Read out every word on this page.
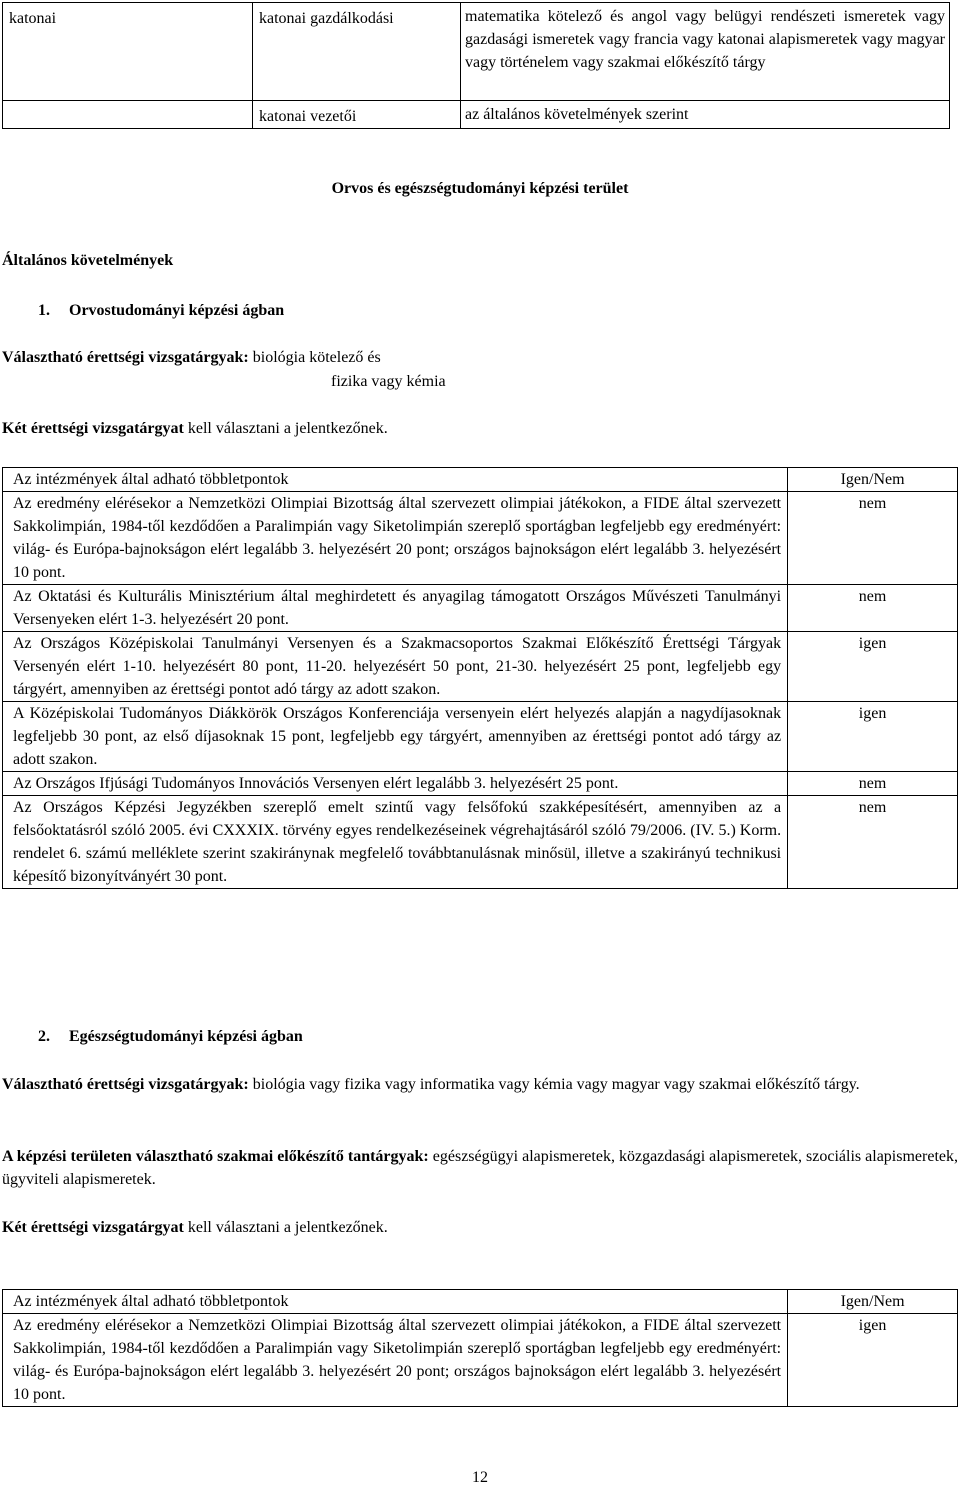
katonai	katonai gazdálkodási	matematika kötelező és angol vagy belügyi rendészeti ismeretek vagy gazdasági ismeretek vagy francia vagy katonai alapismeretek vagy magyar vagy történelem vagy szakmai előkészítő tárgy
	katonai vezetői	az általános követelmények szerint
Orvos és egészségtudományi képzési terület
Általános követelmények
1. Orvostudományi képzési ágban
Választható érettségi vizsgatárgyak: biológia kötelező és
fizika vagy kémia
Két érettségi vizsgatárgyat kell választani a jelentkezőnek.
Az intézmények által adható többletpontok	Igen/Nem
Az eredmény elérésekor a Nemzetközi Olimpiai Bizottság által szervezett olimpiai játékokon, a FIDE által szervezett Sakkolimpián, 1984-től kezdődően a Paralimpián vagy Siketolimpián szereplő sportágban legfeljebb egy eredményért: világ- és Európa-bajnokságon elért legalább 3. helyezésért 20 pont; országos bajnokságon elért legalább 3. helyezésért 10 pont.	nem
Az Oktatási és Kulturális Minisztérium által meghirdetett és anyagilag támogatott Országos Művészeti Tanulmányi Versenyeken elért 1-3. helyezésért 20 pont.	nem
Az Országos Középiskolai Tanulmányi Versenyen és a Szakmacsoportos Szakmai Előkészítő Érettségi Tárgyak Versenyén elért 1-10. helyezésért 80 pont, 11-20. helyezésért 50 pont, 21-30. helyezésért 25 pont, legfeljebb egy tárgyért, amennyiben az érettségi pontot adó tárgy az adott szakon.	igen
A Középiskolai Tudományos Diákkörök Országos Konferenciája versenyein elért helyezés alapján a nagydíjasoknak legfeljebb 30 pont, az első díjasoknak 15 pont, legfeljebb egy tárgyért, amennyiben az érettségi pontot adó tárgy az adott szakon.	igen
Az Országos Ifjúsági Tudományos Innovációs Versenyen elért legalább 3. helyezésért 25 pont.	nem
Az Országos Képzési Jegyzékben szereplő emelt szintű vagy felsőfokú szakképesítésért, amennyiben az a felsőoktatásról szóló 2005. évi CXXXIX. törvény egyes rendelkezéseinek végrehajtásáról szóló 79/2006. (IV. 5.) Korm. rendelet 6. számú melléklete szerint szakiránynak megfelelő továbbtanulásnak minősül, illetve a szakirányú technikusi képesítő bizonyítványért 30 pont.	nem
2. Egészségtudományi képzési ágban
Választható érettségi vizsgatárgyak: biológia vagy fizika vagy informatika vagy kémia vagy magyar vagy szakmai előkészítő tárgy.
A képzési területen választható szakmai előkészítő tantárgyak: egészségügyi alapismeretek, közgazdasági alapismeretek, szociális alapismeretek, ügyviteli alapismeretek.
Két érettségi vizsgatárgyat kell választani a jelentkezőnek.
Az intézmények által adható többletpontok	Igen/Nem
Az eredmény elérésekor a Nemzetközi Olimpiai Bizottság által szervezett olimpiai játékokon, a FIDE által szervezett Sakkolimpián, 1984-től kezdődően a Paralimpián vagy Siketolimpián szereplő sportágban legfeljebb egy eredményért: világ- és Európa-bajnokságon elért legalább 3. helyezésért 20 pont; országos bajnokságon elért legalább 3. helyezésért 10 pont.	igen
12
